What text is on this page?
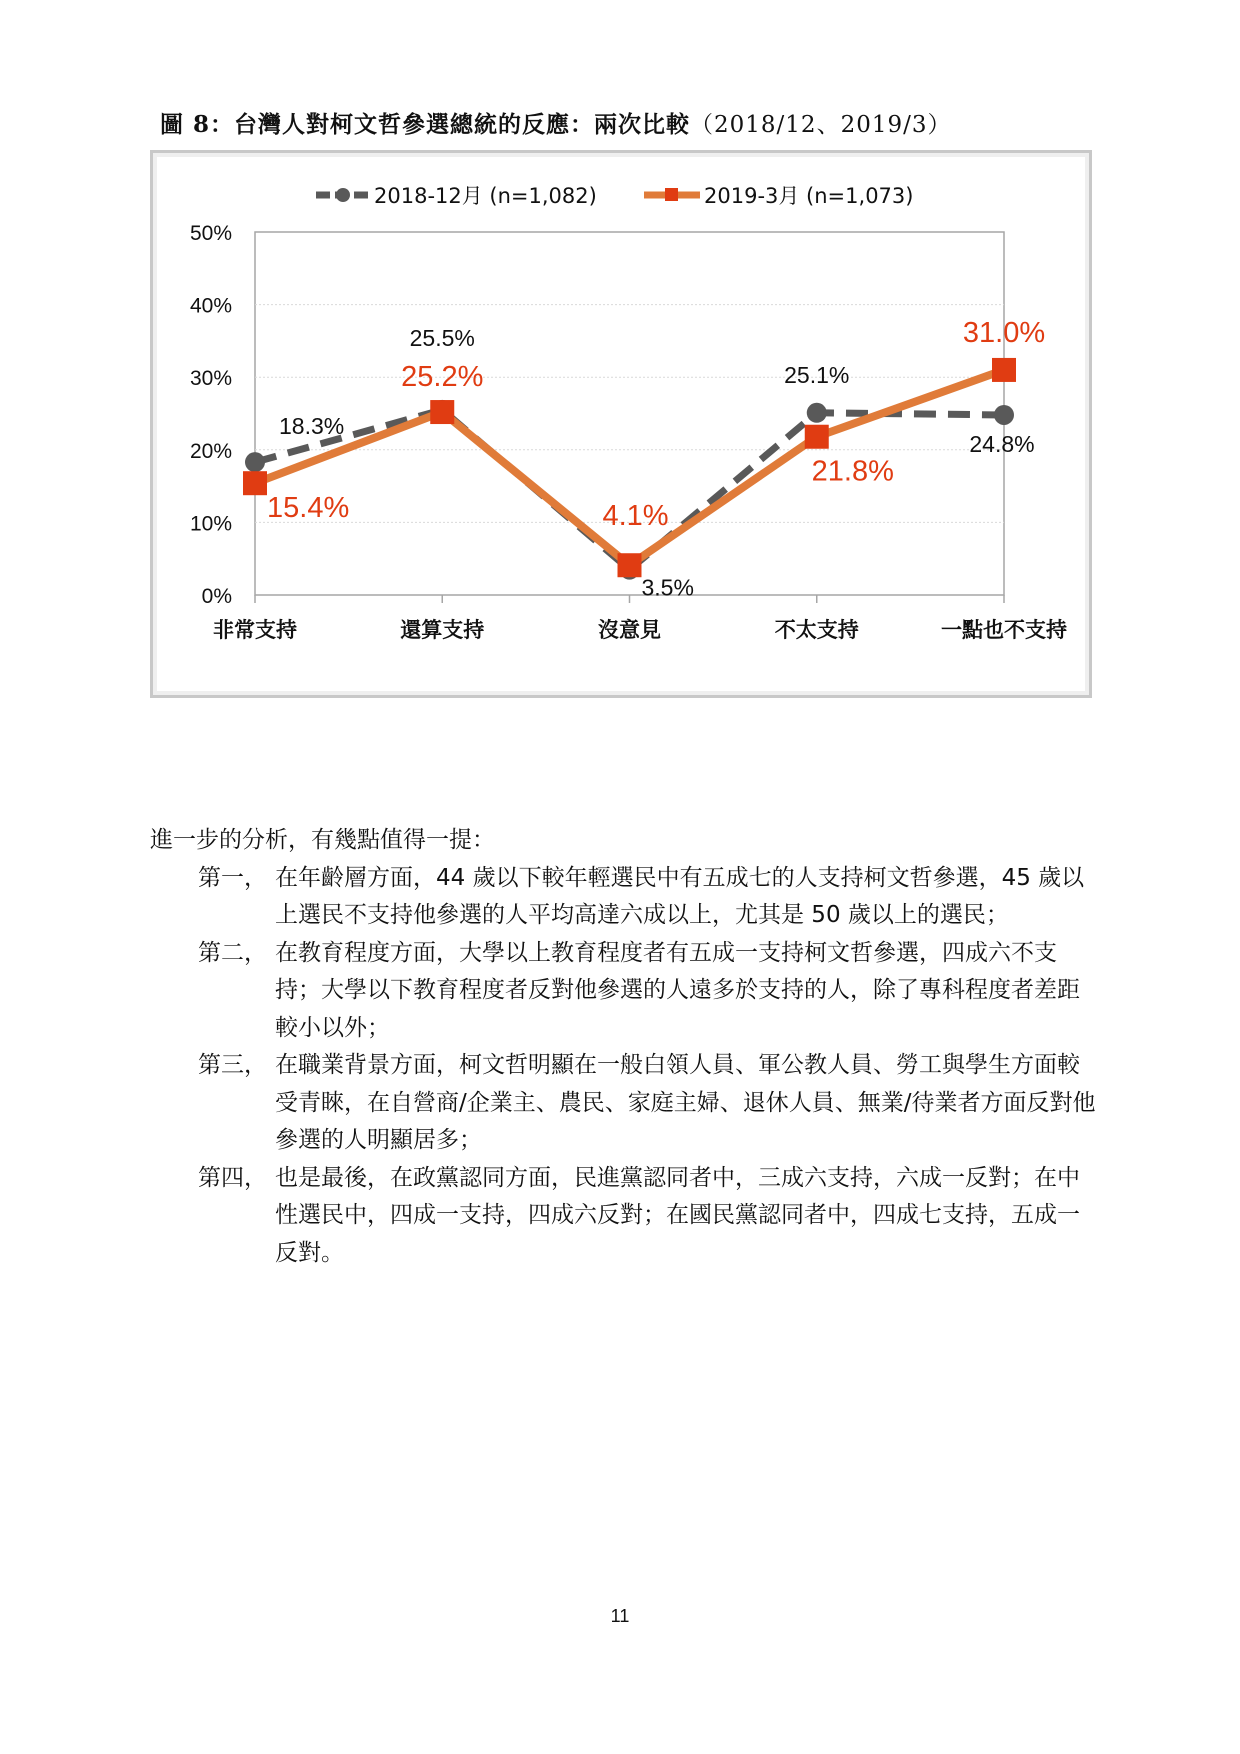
圖 8：台灣人對柯文哲參選總統的反應：兩次比較（2018/12、2019/3）
0%
10%
20%
30%
40%
50%
非常支持	還算支持	沒意見	不太支持	一點也不支持
2018-12月 (n=1,082)	2019-3月 (n=1,073)
18.3%
25.5%
3.5%
25.1%
24.8%
15.4%
25.2%
4.1%
21.8%
31.0%

進一步的分析，有幾點值得一提：

第一， 在年齡層方面，44 歲以下較年輕選民中有五成七的人支持柯文哲參選，45 歲以上選民不支持他參選的人平均高達六成以上，尤其是 50 歲以上的選民；

第二， 在教育程度方面，大學以上教育程度者有五成一支持柯文哲參選，四成六不支持；大學以下教育程度者反對他參選的人遠多於支持的人，除了專科程度者差距較小以外；

第三， 在職業背景方面，柯文哲明顯在一般白領人員、軍公教人員、勞工與學生方面較受青睞，在自營商/企業主、農民、家庭主婦、退休人員、無業/待業者方面反對他參選的人明顯居多；

第四， 也是最後，在政黨認同方面，民進黨認同者中，三成六支持，六成一反對；在中性選民中，四成一支持，四成六反對；在國民黨認同者中，四成七支持，五成一反對。

11
